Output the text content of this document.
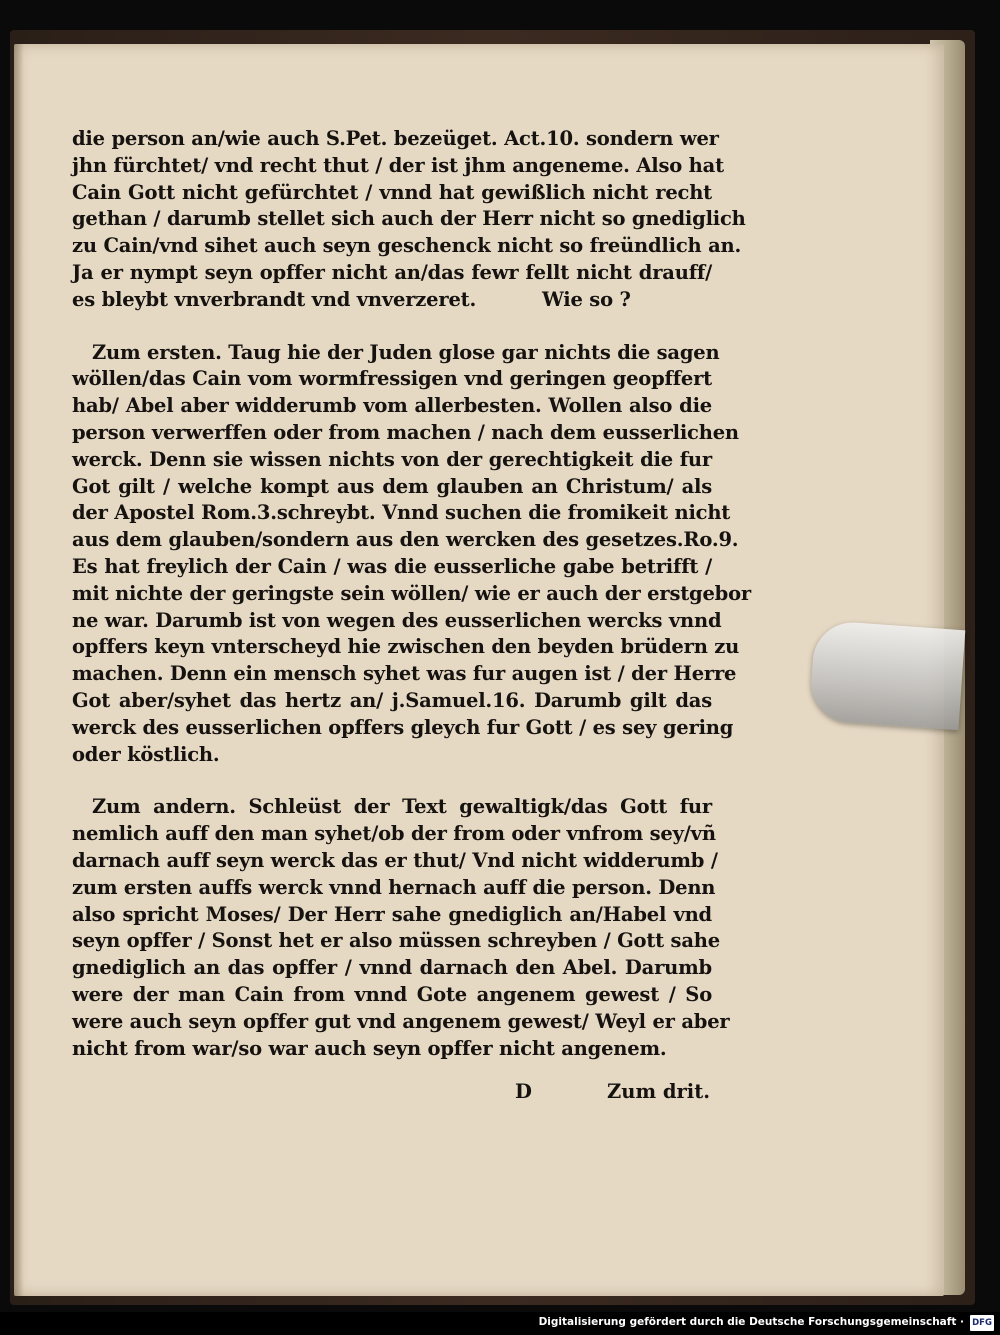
die person an/wie auch S.Pet. bezeüget. Act.10. sondern wer
jhn fürchtet/ vnd recht thut / der ist jhm angeneme. Also hat
Cain Gott nicht gefürchtet / vnnd hat gewißlich nicht recht
gethan / darumb stellet sich auch der Herr nicht so gnediglich
zu Cain/vnd sihet auch seyn geschenck nicht so freündlich an.
Ja er nympt seyn opffer nicht an/das fewr fellt nicht drauff/
es bleybt vnverbrandt vnd vnverzeret.          Wie so ?
Zum ersten. Taug hie der Juden glose gar nichts die sagen
wöllen/das Cain vom wormfressigen vnd geringen geopffert
hab/ Abel aber widderumb vom allerbesten. Wollen also die
person verwerffen oder from machen / nach dem eusserlichen
werck. Denn sie wissen nichts von der gerechtigkeit die fur
Got gilt / welche kompt aus dem glauben an Christum/ als
der Apostel Rom.3.schreybt. Vnnd suchen die fromikeit nicht
aus dem glauben/sondern aus den wercken des gesetzes.Ro.9.
Es hat freylich der Cain / was die eusserliche gabe betrifft /
mit nichte der geringste sein wöllen/ wie er auch der erstgebor
ne war. Darumb ist von wegen des eusserlichen wercks vnnd
opffers keyn vnterscheyd hie zwischen den beyden brüdern zu
machen. Denn ein mensch syhet was fur augen ist / der Herre
Got aber/syhet das hertz an/ j.Samuel.16. Darumb gilt das
werck des eusserlichen opffers gleych fur Gott / es sey gering
oder köstlich.
Zum andern. Schleüst der Text gewaltigk/das Gott fur
nemlich auff den man syhet/ob der from oder vnfrom sey/vñ
darnach auff seyn werck das er thut/ Vnd nicht widderumb /
zum ersten auffs werck vnnd hernach auff die person. Denn
also spricht Moses/ Der Herr sahe gnediglich an/Habel vnd
seyn opffer / Sonst het er also müssen schreyben / Gott sahe
gnediglich an das opffer / vnnd darnach den Abel. Darumb
were der man Cain from vnnd Gote angenem gewest / So
were auch seyn opffer gut vnd angenem gewest/ Weyl er aber
nicht from war/so war auch seyn opffer nicht angenem.
D	Zum drit.
Digitalisierung gefördert durch die Deutsche Forschungsgemeinschaft · DFG
